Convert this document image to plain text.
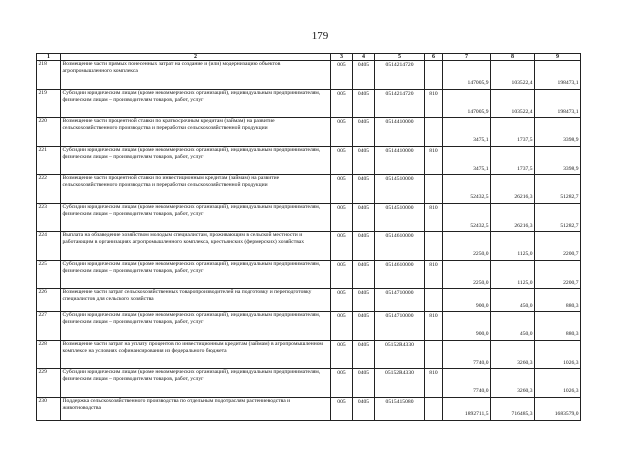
179
1	2	3	4	5	6	7	8	9
218	Возмещение части прямых понесенных затрат на создание и (или) модернизацию объектов агропромышленного комплекса	005	0405	0514214720		147005,9	103522,4	198473,1
219	Субсидии юридическим лицам (кроме некоммерческих организаций), индивидуальным предпринимателям, физическим лицам – производителям товаров, работ, услуг	005	0405	0514214720	810	147005,9	103522,4	198473,1
220	Возмещение части процентной ставки по краткосрочным кредитам (займам) на развитие сельскохозяйственного производства и переработки сельскохозяйственной продукции	005	0405	0514410000		3475,1	1737,5	3398,9
221	Субсидии юридическим лицам (кроме некоммерческих организаций), индивидуальным предпринимателям, физическим лицам – производителям товаров, работ, услуг	005	0405	0514410000	810	3475,1	1737,5	3398,9
222	Возмещение части процентной ставки по инвестиционным кредитам (займам) на развитие сельскохозяйственного производства и переработки сельскохозяйственной продукции	005	0405	0514510000		52432,5	26216,3	51282,7
223	Субсидии юридическим лицам (кроме некоммерческих организаций), индивидуальным предпринимателям, физическим лицам – производителям товаров, работ, услуг	005	0405	0514510000	810	52432,5	26216,3	51282,7
224	Выплата на обзаведение хозяйством молодым специалистам, проживающим в сельской местности и работающим в организациях агропромышленного комплекса, крестьянских (фермерских) хозяйствах	005	0405	0514610000		2250,0	1125,0	2200,7
225	Субсидии юридическим лицам (кроме некоммерческих организаций), индивидуальным предпринимателям, физическим лицам – производителям товаров, работ, услуг	005	0405	0514610000	810	2250,0	1125,0	2200,7
226	Возмещение части затрат сельскохозяйственных товаропроизводителей на подготовку и переподготовку специалистов для сельского хозяйства	005	0405	0514710000		900,0	450,0	880,3
227	Субсидии юридическим лицам (кроме некоммерческих организаций), индивидуальным предпринимателям, физическим лицам – производителям товаров, работ, услуг	005	0405	0514710000	810	900,0	450,0	880,3
228	Возмещение части затрат на уплату процентов по инвестиционным кредитам (займам) в агропромышленном комплексе на условиях софинансирования из федерального бюджета	005	0405	05152R4330		7740,0	3260,3	1026,3
229	Субсидии юридическим лицам (кроме некоммерческих организаций), индивидуальным предпринимателям, физическим лицам – производителям товаров, работ, услуг	005	0405	05152R4330	810	7740,0	3260,3	1026,3
230	Поддержка сельскохозяйственного производства по отдельным подотраслям растениеводства и животноводства	005	0405	0515415080		1892711,5	716485,3	1683579,0
